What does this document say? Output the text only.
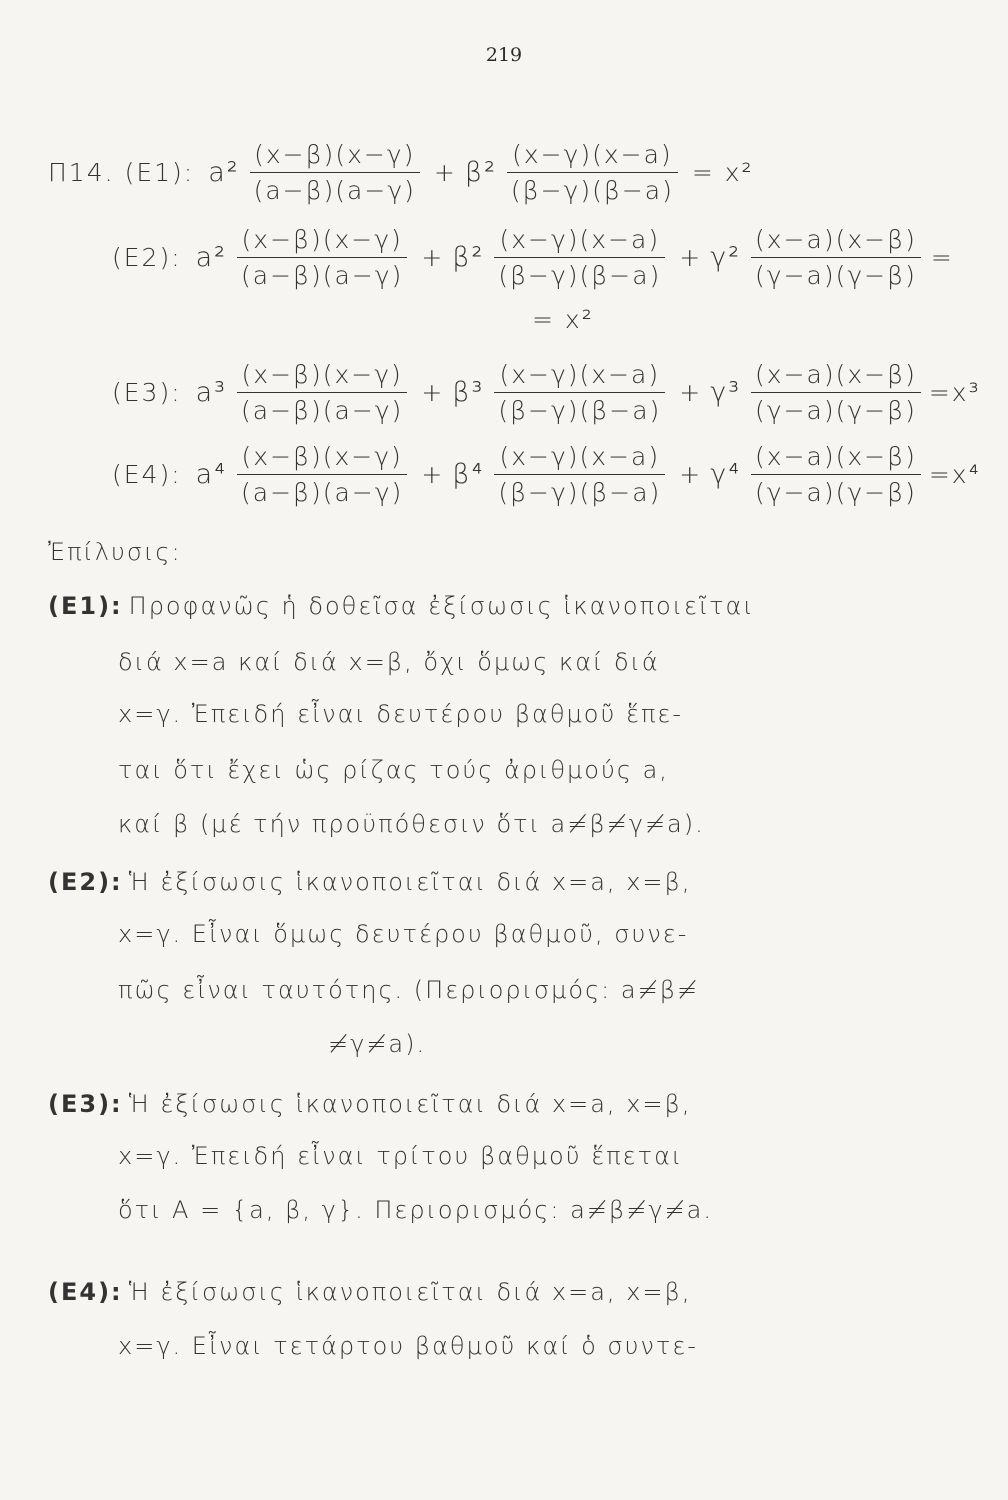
219
Π14. (Ε1): $a^2 \frac{(x-\beta)(x-\gamma)}{(a-\beta)(a-\gamma)} + \beta^2 \frac{(x-\gamma)(x-a)}{(\beta-\gamma)(\beta-a)} = x^2$
(Ε2): $a^2 \frac{(x-\beta)(x-\gamma)}{(a-\beta)(a-\gamma)} + \beta^2 \frac{(x-\gamma)(x-a)}{(\beta-\gamma)(\beta-a)} + \gamma^2 \frac{(x-a)(x-\beta)}{(\gamma-a)(\gamma-\beta)}$ =
= x²
(Ε3): $a^3 \frac{(x-\beta)(x-\gamma)}{(a-\beta)(a-\gamma)} + \beta^3 \frac{(x-\gamma)(x-a)}{(\beta-\gamma)(\beta-a)} + \gamma^3 \frac{(x-a)(x-\beta)}{(\gamma-a)(\gamma-\beta)} =x^3$
(Ε4): $a^4 \frac{(x-\beta)(x-\gamma)}{(a-\beta)(a-\gamma)} + \beta^4 \frac{(x-\gamma)(x-a)}{(\beta-\gamma)(\beta-a)} + \gamma^4 \frac{(x-a)(x-\beta)}{(\gamma-a)(\gamma-\beta)} =x^4$
Ἐπίλυσις:
(Ε1): Προφανῶς ἡ δοθεῖσα ἐξίσωσις ἱκανοποιεῖται
διά x=a καί διά x=β, ὄχι ὅμως καί διά
x=γ. Ἐπειδή εἶναι δευτέρου βαθμοῦ ἕπε-
ται ὅτι ἔχει ὡς ρίζας τούς ἀριθμούς a,
καί β (μέ τήν προϋπόθεσιν ὅτι a≠β≠γ≠a).
(Ε2): Ἡ ἐξίσωσις ἱκανοποιεῖται διά x=a, x=β,
x=γ. Εἶναι ὅμως δευτέρου βαθμοῦ, συνε-
πῶς εἶναι ταυτότης. (Περιορισμός: a≠β≠
≠γ≠a).
(Ε3): Ἡ ἐξίσωσις ἱκανοποιεῖται διά x=a, x=β,
x=γ. Ἐπειδή εἶναι τρίτου βαθμοῦ ἕπεται
ὅτι A = {a, β, γ}. Περιορισμός: a≠β≠γ≠a.
(Ε4): Ἡ ἐξίσωσις ἱκανοποιεῖται διά x=a, x=β,
x=γ. Εἶναι τετάρτου βαθμοῦ καί ὁ συντε-
